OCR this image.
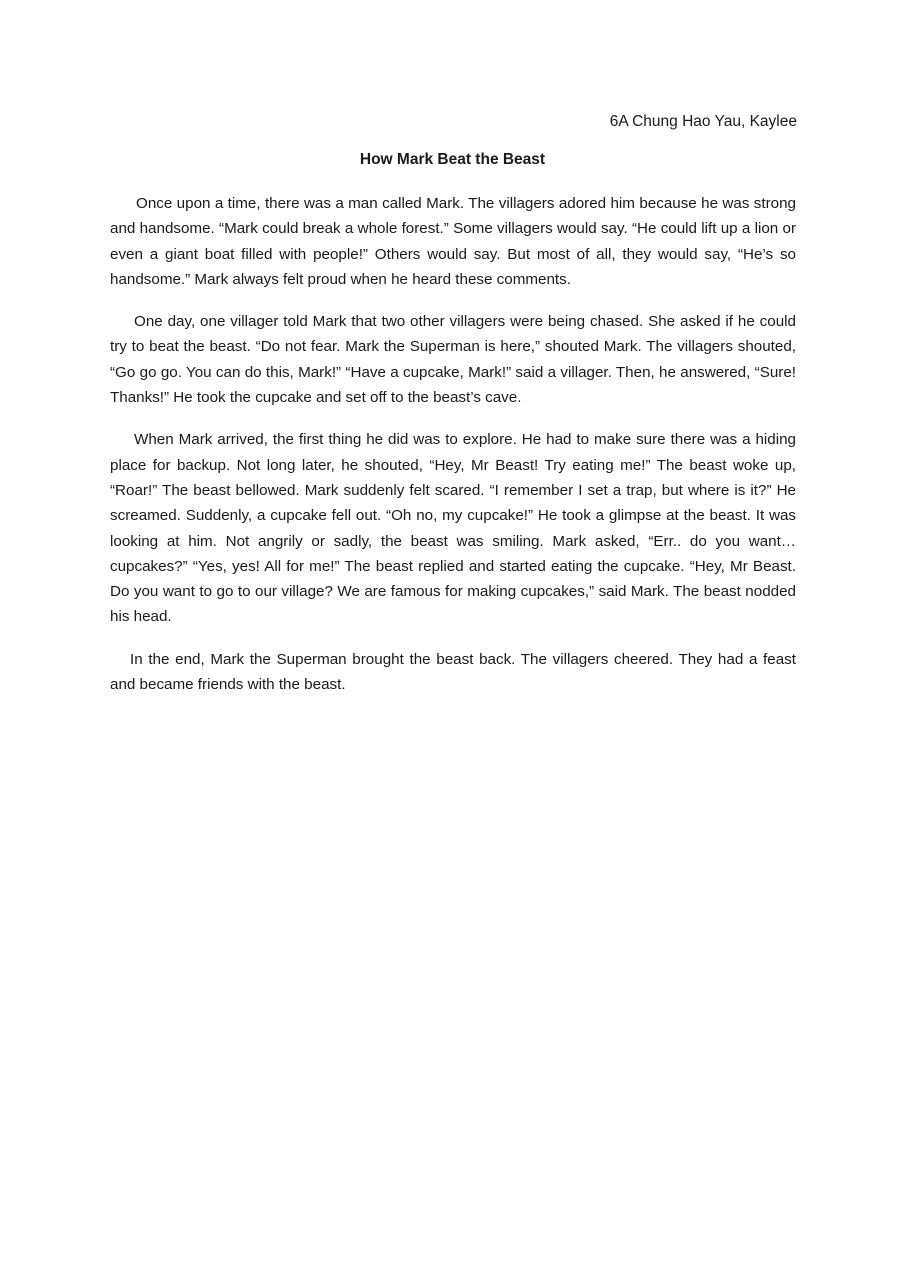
6A Chung Hao Yau, Kaylee
How Mark Beat the Beast

Once upon a time, there was a man called Mark. The villagers adored him because he was strong and handsome. “Mark could break a whole forest.” Some villagers would say. “He could lift up a lion or even a giant boat filled with people!” Others would say. But most of all, they would say, “He’s so handsome.” Mark always felt proud when he heard these comments.

One day, one villager told Mark that two other villagers were being chased. She asked if he could try to beat the beast. “Do not fear. Mark the Superman is here,” shouted Mark. The villagers shouted, “Go go go. You can do this, Mark!” “Have a cupcake, Mark!” said a villager. Then, he answered, “Sure! Thanks!” He took the cupcake and set off to the beast’s cave.

When Mark arrived, the first thing he did was to explore. He had to make sure there was a hiding place for backup. Not long later, he shouted, “Hey, Mr Beast! Try eating me!” The beast woke up, “Roar!” The beast bellowed. Mark suddenly felt scared. “I remember I set a trap, but where is it?” He screamed. Suddenly, a cupcake fell out. “Oh no, my cupcake!” He took a glimpse at the beast. It was looking at him. Not angrily or sadly, the beast was smiling. Mark asked, “Err.. do you want…cupcakes?” “Yes, yes! All for me!” The beast replied and started eating the cupcake. “Hey, Mr Beast. Do you want to go to our village? We are famous for making cupcakes,” said Mark. The beast nodded his head.

In the end, Mark the Superman brought the beast back. The villagers cheered. They had a feast and became friends with the beast.
